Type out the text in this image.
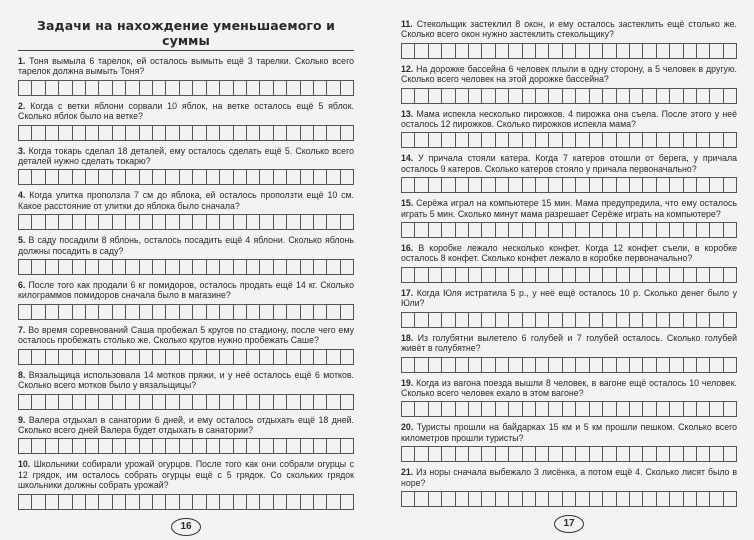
Задачи на нахождение уменьшаемого и суммы
1. Тоня вымыла 6 тарелок, ей осталось вымыть ещё 3 тарелки. Сколько всего тарелок должна вымыть Тоня?
2. Когда с ветки яблони сорвали 10 яблок, на ветке осталось ещё 5 яблок. Сколько яблок было на ветке?
3. Когда токарь сделал 18 деталей, ему осталось сделать ещё 5. Сколько всего деталей нужно сделать токарю?
4. Когда улитка проползла 7 см до яблока, ей осталось проползти ещё 10 см. Какое расстояние от улитки до яблока было сначала?
5. В саду посадили 8 яблонь, осталось посадить ещё 4 яблони. Сколько яблонь должны посадить в саду?
6. После того как продали 6 кг помидоров, осталось продать ещё 14 кг. Сколько килограммов помидоров сначала было в магазине?
7. Во время соревнований Саша пробежал 5 кругов по стадиону, после чего ему осталось пробежать столько же. Сколько кругов нужно пробежать Саше?
8. Вязальщица использовала 14 мотков пряжи, и у неё осталось ещё 6 мотков. Сколько всего мотков было у вязальщицы?
9. Валера отдыхал в санатории 6 дней, и ему осталось отдыхать ещё 18 дней. Сколько всего дней Валера будет отдыхать в санатории?
10. Школьники собирали урожай огурцов. После того как они собрали огурцы с 12 грядок, им осталось собрать огурцы ещё с 5 грядок. Со скольких грядок школьники должны собрать урожай?
16
11. Стекольщик застеклил 8 окон, и ему осталось застеклить ещё столько же. Сколько всего окон нужно застеклить стекольщику?
12. На дорожке бассейна 6 человек плыли в одну сторону, а 5 человек в другую. Сколько всего человек на этой дорожке бассейна?
13. Мама испекла несколько пирожков. 4 пирожка она съела. После этого у неё осталось 12 пирожков. Сколько пирожков испекла мама?
14. У причала стояли катера. Когда 7 катеров отошли от берега, у причала осталось 9 катеров. Сколько катеров стояло у причала первоначально?
15. Серёжа играл на компьютере 15 мин. Мама предупредила, что ему осталось играть 5 мин. Сколько минут мама разрешает Серёже играть на компьютере?
16. В коробке лежало несколько конфет. Когда 12 конфет съели, в коробке осталось 8 конфет. Сколько конфет лежало в коробке первоначально?
17. Когда Юля истратила 5 р., у неё ещё осталось 10 р. Сколько денег было у Юли?
18. Из голубятни вылетело 6 голубей и 7 голубей осталось. Сколько голубей живёт в голубятне?
19. Когда из вагона поезда вышли 8 человек, в вагоне ещё осталось 10 человек. Сколько всего человек ехало в этом вагоне?
20. Туристы прошли на байдарках 15 км и 5 км прошли пешком. Сколько всего километров прошли туристы?
21. Из норы сначала выбежало 3 лисёнка, а потом ещё 4. Сколько лисят было в норе?
17
